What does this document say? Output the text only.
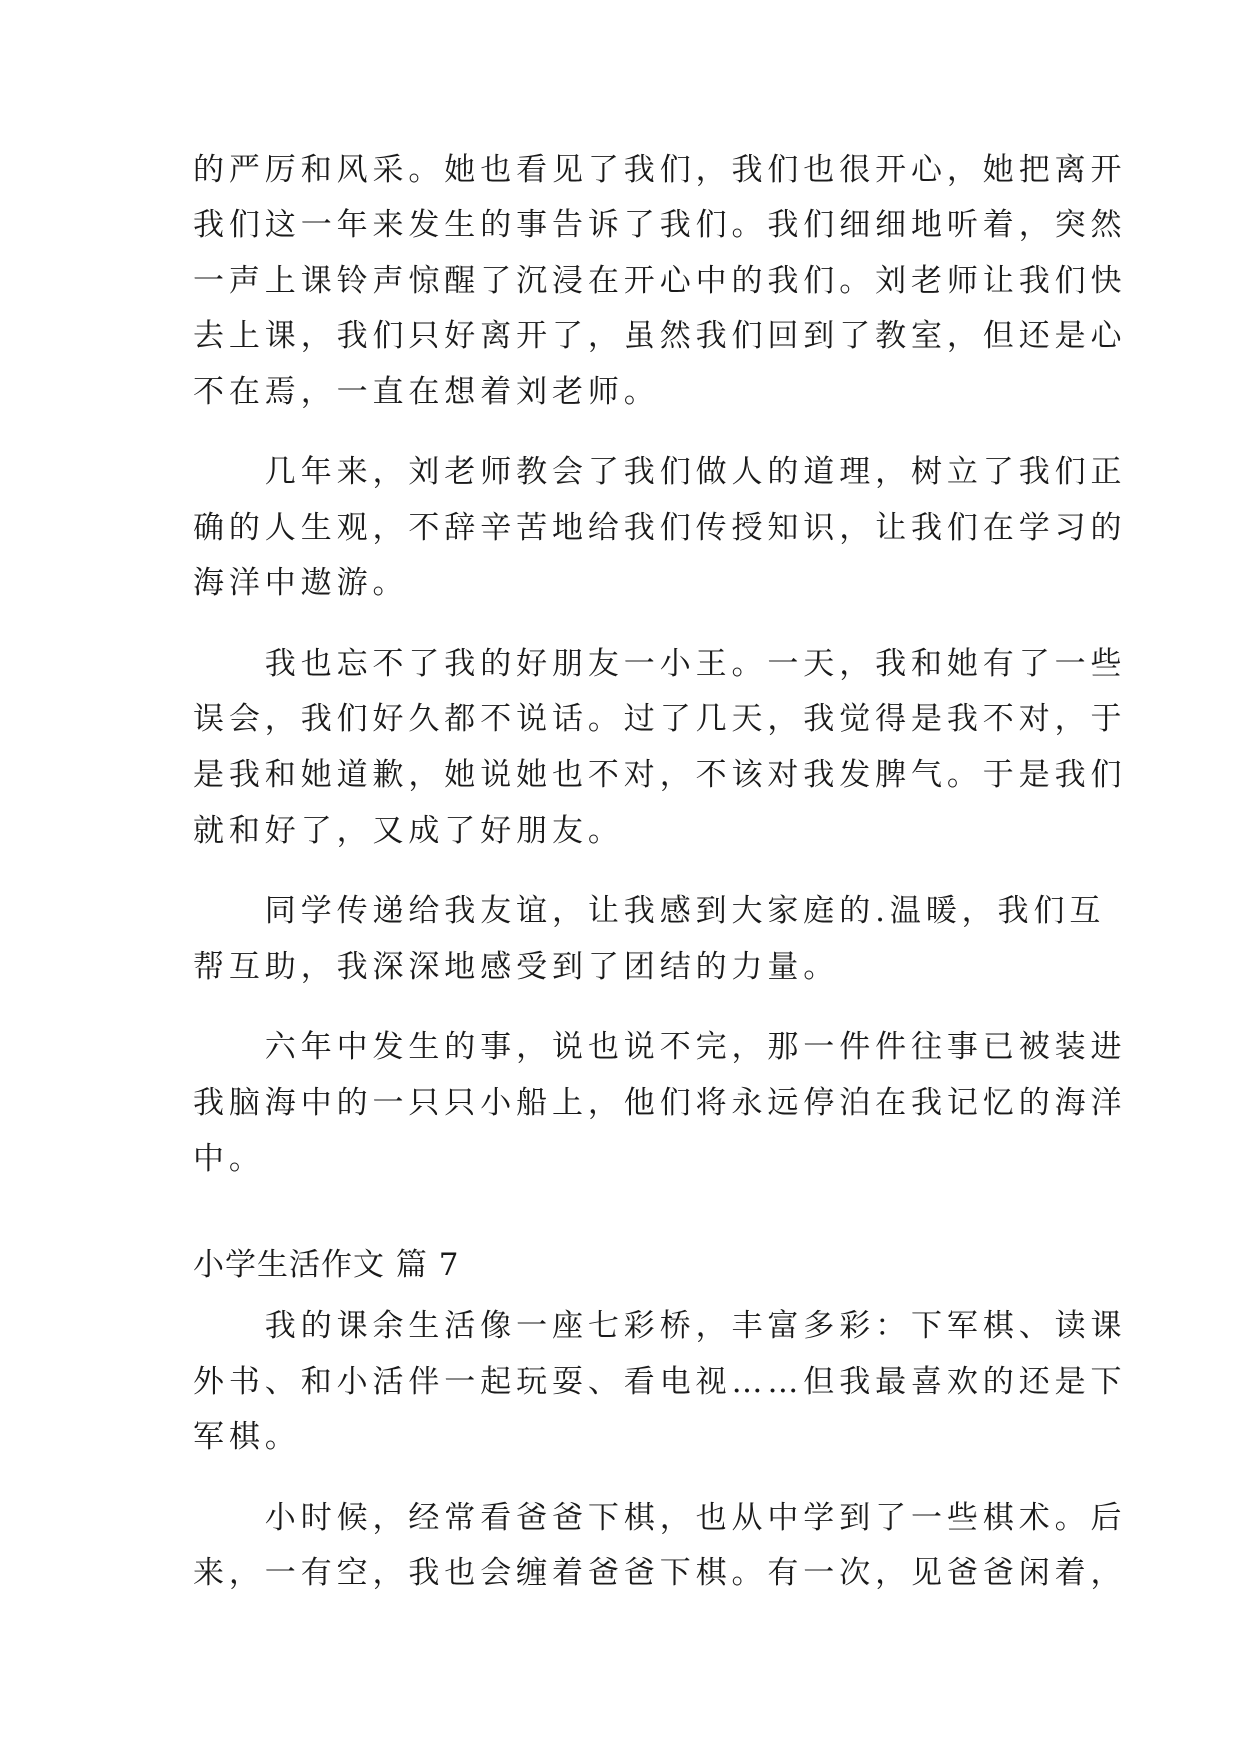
的严厉和风采。她也看见了我们，我们也很开心，她把离开
我们这一年来发生的事告诉了我们。我们细细地听着，突然
一声上课铃声惊醒了沉浸在开心中的我们。刘老师让我们快
去上课，我们只好离开了，虽然我们回到了教室，但还是心
不在焉，一直在想着刘老师。
　　几年来，刘老师教会了我们做人的道理，树立了我们正
确的人生观，不辞辛苦地给我们传授知识，让我们在学习的
海洋中遨游。
　　我也忘不了我的好朋友一小王。一天，我和她有了一些
误会，我们好久都不说话。过了几天，我觉得是我不对，于
是我和她道歉，她说她也不对，不该对我发脾气。于是我们
就和好了，又成了好朋友。
　　同学传递给我友谊，让我感到大家庭的.温暖，我们互
帮互助，我深深地感受到了团结的力量。
　　六年中发生的事，说也说不完，那一件件往事已被装进
我脑海中的一只只小船上，他们将永远停泊在我记忆的海洋
中。
小学生活作文 篇 7
　　我的课余生活像一座七彩桥，丰富多彩：下军棋、读课
外书、和小活伴一起玩耍、看电视……但我最喜欢的还是下
军棋。
　　小时候，经常看爸爸下棋，也从中学到了一些棋术。后
来，一有空，我也会缠着爸爸下棋。有一次，见爸爸闲着，
